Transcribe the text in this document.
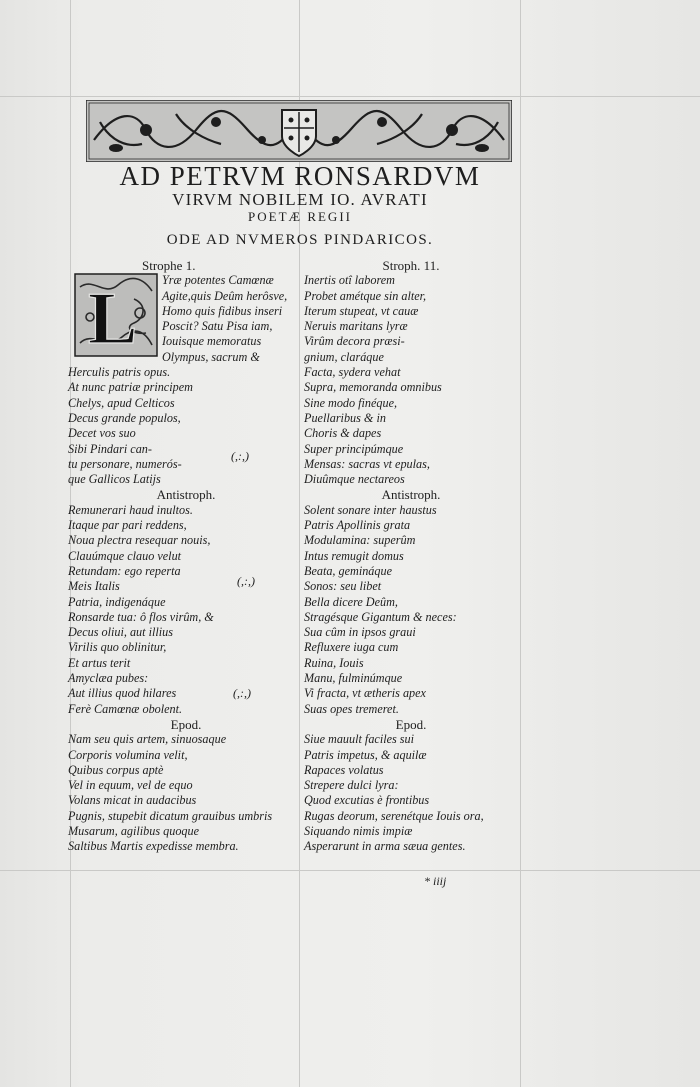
AD PETRVM RONSARDVM
VIRVM NOBILEM IO. AVRATI
POETÆ REGII
ODE AD NVMEROS PINDARICOS.
L
Strophe 1.
Yræ potentes Camœnæ
Agite,quis Deûm herôsve,
Homo quis fidibus inseri
Poscit? Satu Pisa iam,
Iouisque memoratus
Olympus, sacrum &
Herculis patris opus.
At nunc patriæ principem
Chelys, apud Celticos
Decus grande populos,
Decet vos suo
Sibi Pindari can-
tu personare, numerós-
que Gallicos Latijs
Antistroph.
Remunerari haud inultos.
Itaque par pari reddens,
Noua plectra resequar nouis,
Clauúmque clauo velut
Retundam: ego reperta
Meis Italis
Patria, indigenáque
Ronsarde tua: ô flos virûm, &
Decus oliui, aut illius
Virilis quo oblinitur,
Et artus terit
Amyclæa pubes:
Aut illius quod hilares
Ferè Camœnæ obolent.
Epod.
Nam seu quis artem, sinuosaque
Corporis volumina velit,
Quibus corpus aptè
Vel in equum, vel de equo
Volans micat in audacibus
Pugnis, stupebit dicatum grauibus umbris
Musarum, agilibus quoque
Saltibus Martis expedisse membra.
Stroph. 11.
Inertis otî laborem
Probet amétque sin alter,
Iterum stupeat, vt cauæ
Neruis maritans lyræ
Virûm decora præsi-
gnium, claráque
Facta, sydera vehat
Supra, memoranda omnibus
Sine modo finéque,
Puellaribus & in
Choris & dapes
Super principúmque
Mensas: sacras vt epulas,
Diuûmque nectareos
Antistroph.
Solent sonare inter haustus
Patris Apollinis grata
Modulamina: superûm
Intus remugit domus
Beata, gemináque
Sonos: seu libet
Bella dicere Deûm,
Stragésque Gigantum & neces:
Sua cûm in ipsos graui
Refluxere iuga cum
Ruina, Iouis
Manu, fulminúmque
Vi fracta, vt ætheris apex
Suas opes tremeret.
Epod.
Siue mauult faciles sui
Patris impetus, & aquilæ
Rapaces volatus
Strepere dulci lyra:
Quod excutias è frontibus
Rugas deorum, serenétque Iouis ora,
Siquando nimis impiæ
Asperarunt in arma sæua gentes.
(,:,)
(,:,)
(,:,)
* iiij
